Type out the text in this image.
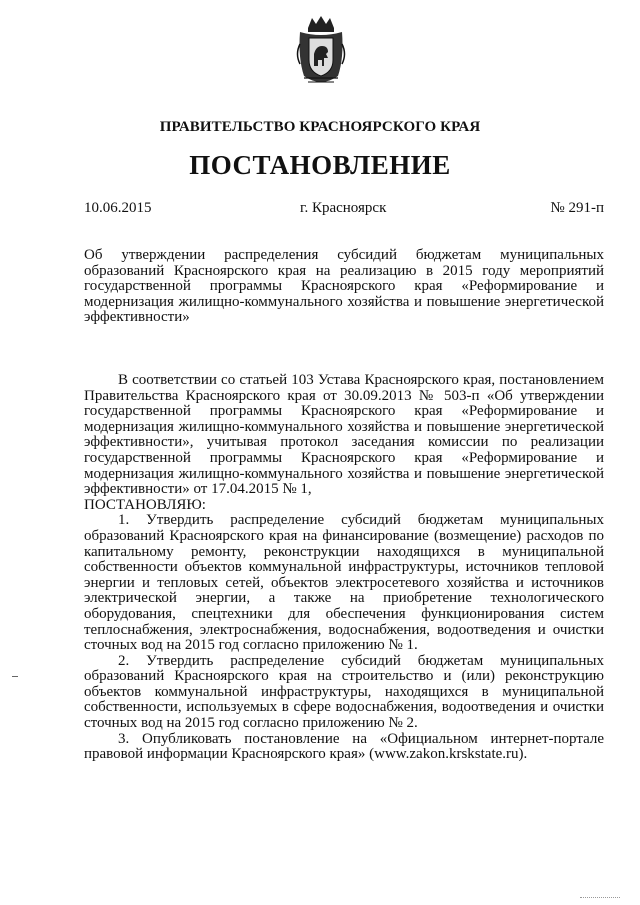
ПРАВИТЕЛЬСТВО КРАСНОЯРСКОГО КРАЯ
ПОСТАНОВЛЕНИЕ
10.06.2015	г. Красноярск	№ 291-п
Об утверждении распределения субсидий бюджетам муниципальных образований Красноярского края на реализацию в 2015 году мероприятий государственной программы Красноярского края «Реформирование и модернизация жилищно-коммунального хозяйства и повышение энергетической эффективности»

В соответствии со статьей 103 Устава Красноярского края, постановлением Правительства Красноярского края от 30.09.2013 № 503-п «Об утверждении государственной программы Красноярского края «Реформирование и модернизация жилищно-коммунального хозяйства и повышение энергетической эффективности», учитывая протокол заседания комиссии по реализации государственной программы Красноярского края «Реформирование и модернизация жилищно-коммунального хозяйства и повышение энергетической эффективности» от 17.04.2015 № 1,

ПОСТАНОВЛЯЮ:

1. Утвердить распределение субсидий бюджетам муниципальных образований Красноярского края на финансирование (возмещение) расходов по капитальному ремонту, реконструкции находящихся в муниципальной собственности объектов коммунальной инфраструктуры, источников тепловой энергии и тепловых сетей, объектов электросетевого хозяйства и источников электрической энергии, а также на приобретение технологического оборудования, спецтехники для обеспечения функционирования систем теплоснабжения, электроснабжения, водоснабжения, водоотведения и очистки сточных вод на 2015 год согласно приложению № 1.

2. Утвердить распределение субсидий бюджетам муниципальных образований Красноярского края на строительство и (или) реконструкцию объектов коммунальной инфраструктуры, находящихся в муниципальной собственности, используемых в сфере водоснабжения, водоотведения и очистки сточных вод на 2015 год согласно приложению № 2.

3. Опубликовать постановление на «Официальном интернет-портале правовой информации Красноярского края» (www.zakon.krskstate.ru).
